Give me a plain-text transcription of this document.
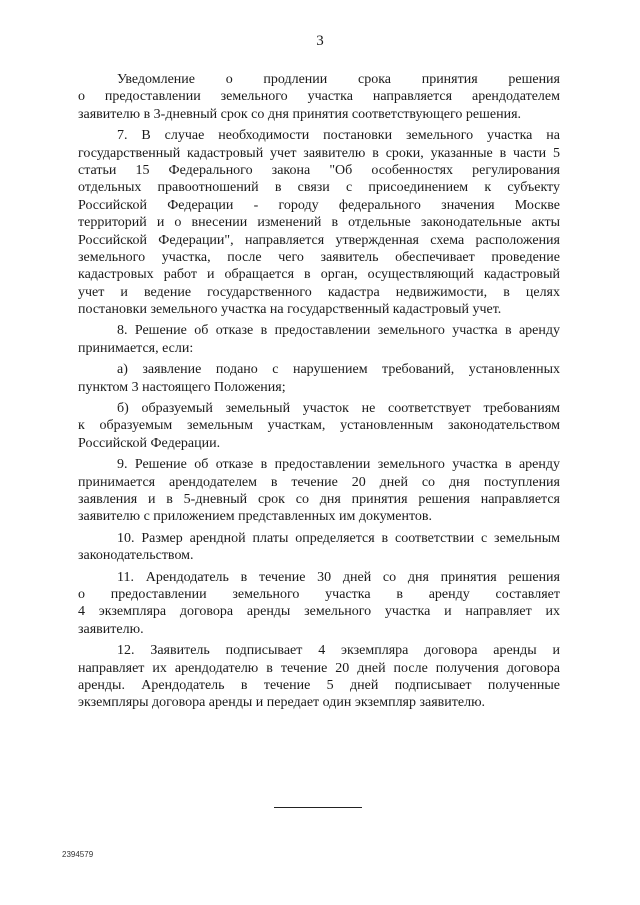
3
Уведомление о продлении срока принятия решения
о предоставлении земельного участка направляется арендодателем
заявителю в 3-дневный срок со дня принятия соответствующего решения.
7. В случае необходимости постановки земельного участка на
государственный кадастровый учет заявителю в сроки, указанные в части 5
статьи 15 Федерального закона "Об особенностях регулирования
отдельных правоотношений в связи с присоединением к субъекту
Российской Федерации - городу федерального значения Москве
территорий и о внесении изменений в отдельные законодательные акты
Российской Федерации", направляется утвержденная схема расположения
земельного участка, после чего заявитель обеспечивает проведение
кадастровых работ и обращается в орган, осуществляющий кадастровый
учет и ведение государственного кадастра недвижимости, в целях
постановки земельного участка на государственный кадастровый учет.
8. Решение об отказе в предоставлении земельного участка в аренду
принимается, если:
а) заявление подано с нарушением требований, установленных
пунктом 3 настоящего Положения;
б) образуемый земельный участок не соответствует требованиям
к образуемым земельным участкам, установленным законодательством
Российской Федерации.
9. Решение об отказе в предоставлении земельного участка в аренду
принимается арендодателем в течение 20 дней со дня поступления
заявления и в 5-дневный срок со дня принятия решения направляется
заявителю с приложением представленных им документов.
10. Размер арендной платы определяется в соответствии с земельным
законодательством.
11. Арендодатель в течение 30 дней со дня принятия решения
о предоставлении земельного участка в аренду составляет
4 экземпляра договора аренды земельного участка и направляет их
заявителю.
12. Заявитель подписывает 4 экземпляра договора аренды и
направляет их арендодателю в течение 20 дней после получения договора
аренды. Арендодатель в течение 5 дней подписывает полученные
экземпляры договора аренды и передает один экземпляр заявителю.
2394579
